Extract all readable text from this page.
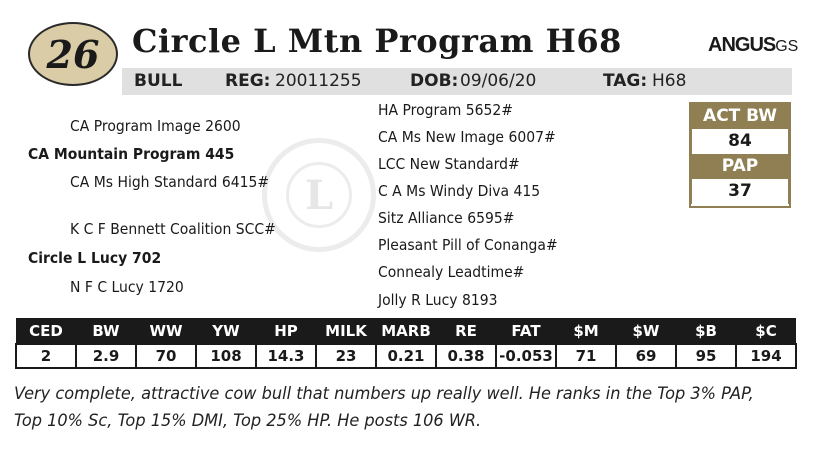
26 Circle L Mtn Program H68	ANGUSGS
BULL	REG: 20011255	DOB: 09/06/20	TAG: H68
L
CA Program Image 2600
CA Mountain Program 445
CA Ms High Standard 6415#
K C F Bennett Coalition SCC#
Circle L Lucy 702
N F C Lucy 1720
HA Program 5652#
CA Ms New Image 6007#
LCC New Standard#
C A Ms Windy Diva 415
Sitz Alliance 6595#
Pleasant Pill of Conanga#
Connealy Leadtime#
Jolly R Lucy 8193
ACT BW
84
PAP
37
CED	BW	WW	YW	HP	MILK	MARB	RE	FAT	$M	$W	$B	$C
2	2.9	70	108	14.3	23	0.21	0.38	-0.053	71	69	95	194

Very complete, attractive cow bull that numbers up really well. He ranks in the Top 3% PAP, Top 10% Sc, Top 15% DMI, Top 25% HP. He posts 106 WR.
